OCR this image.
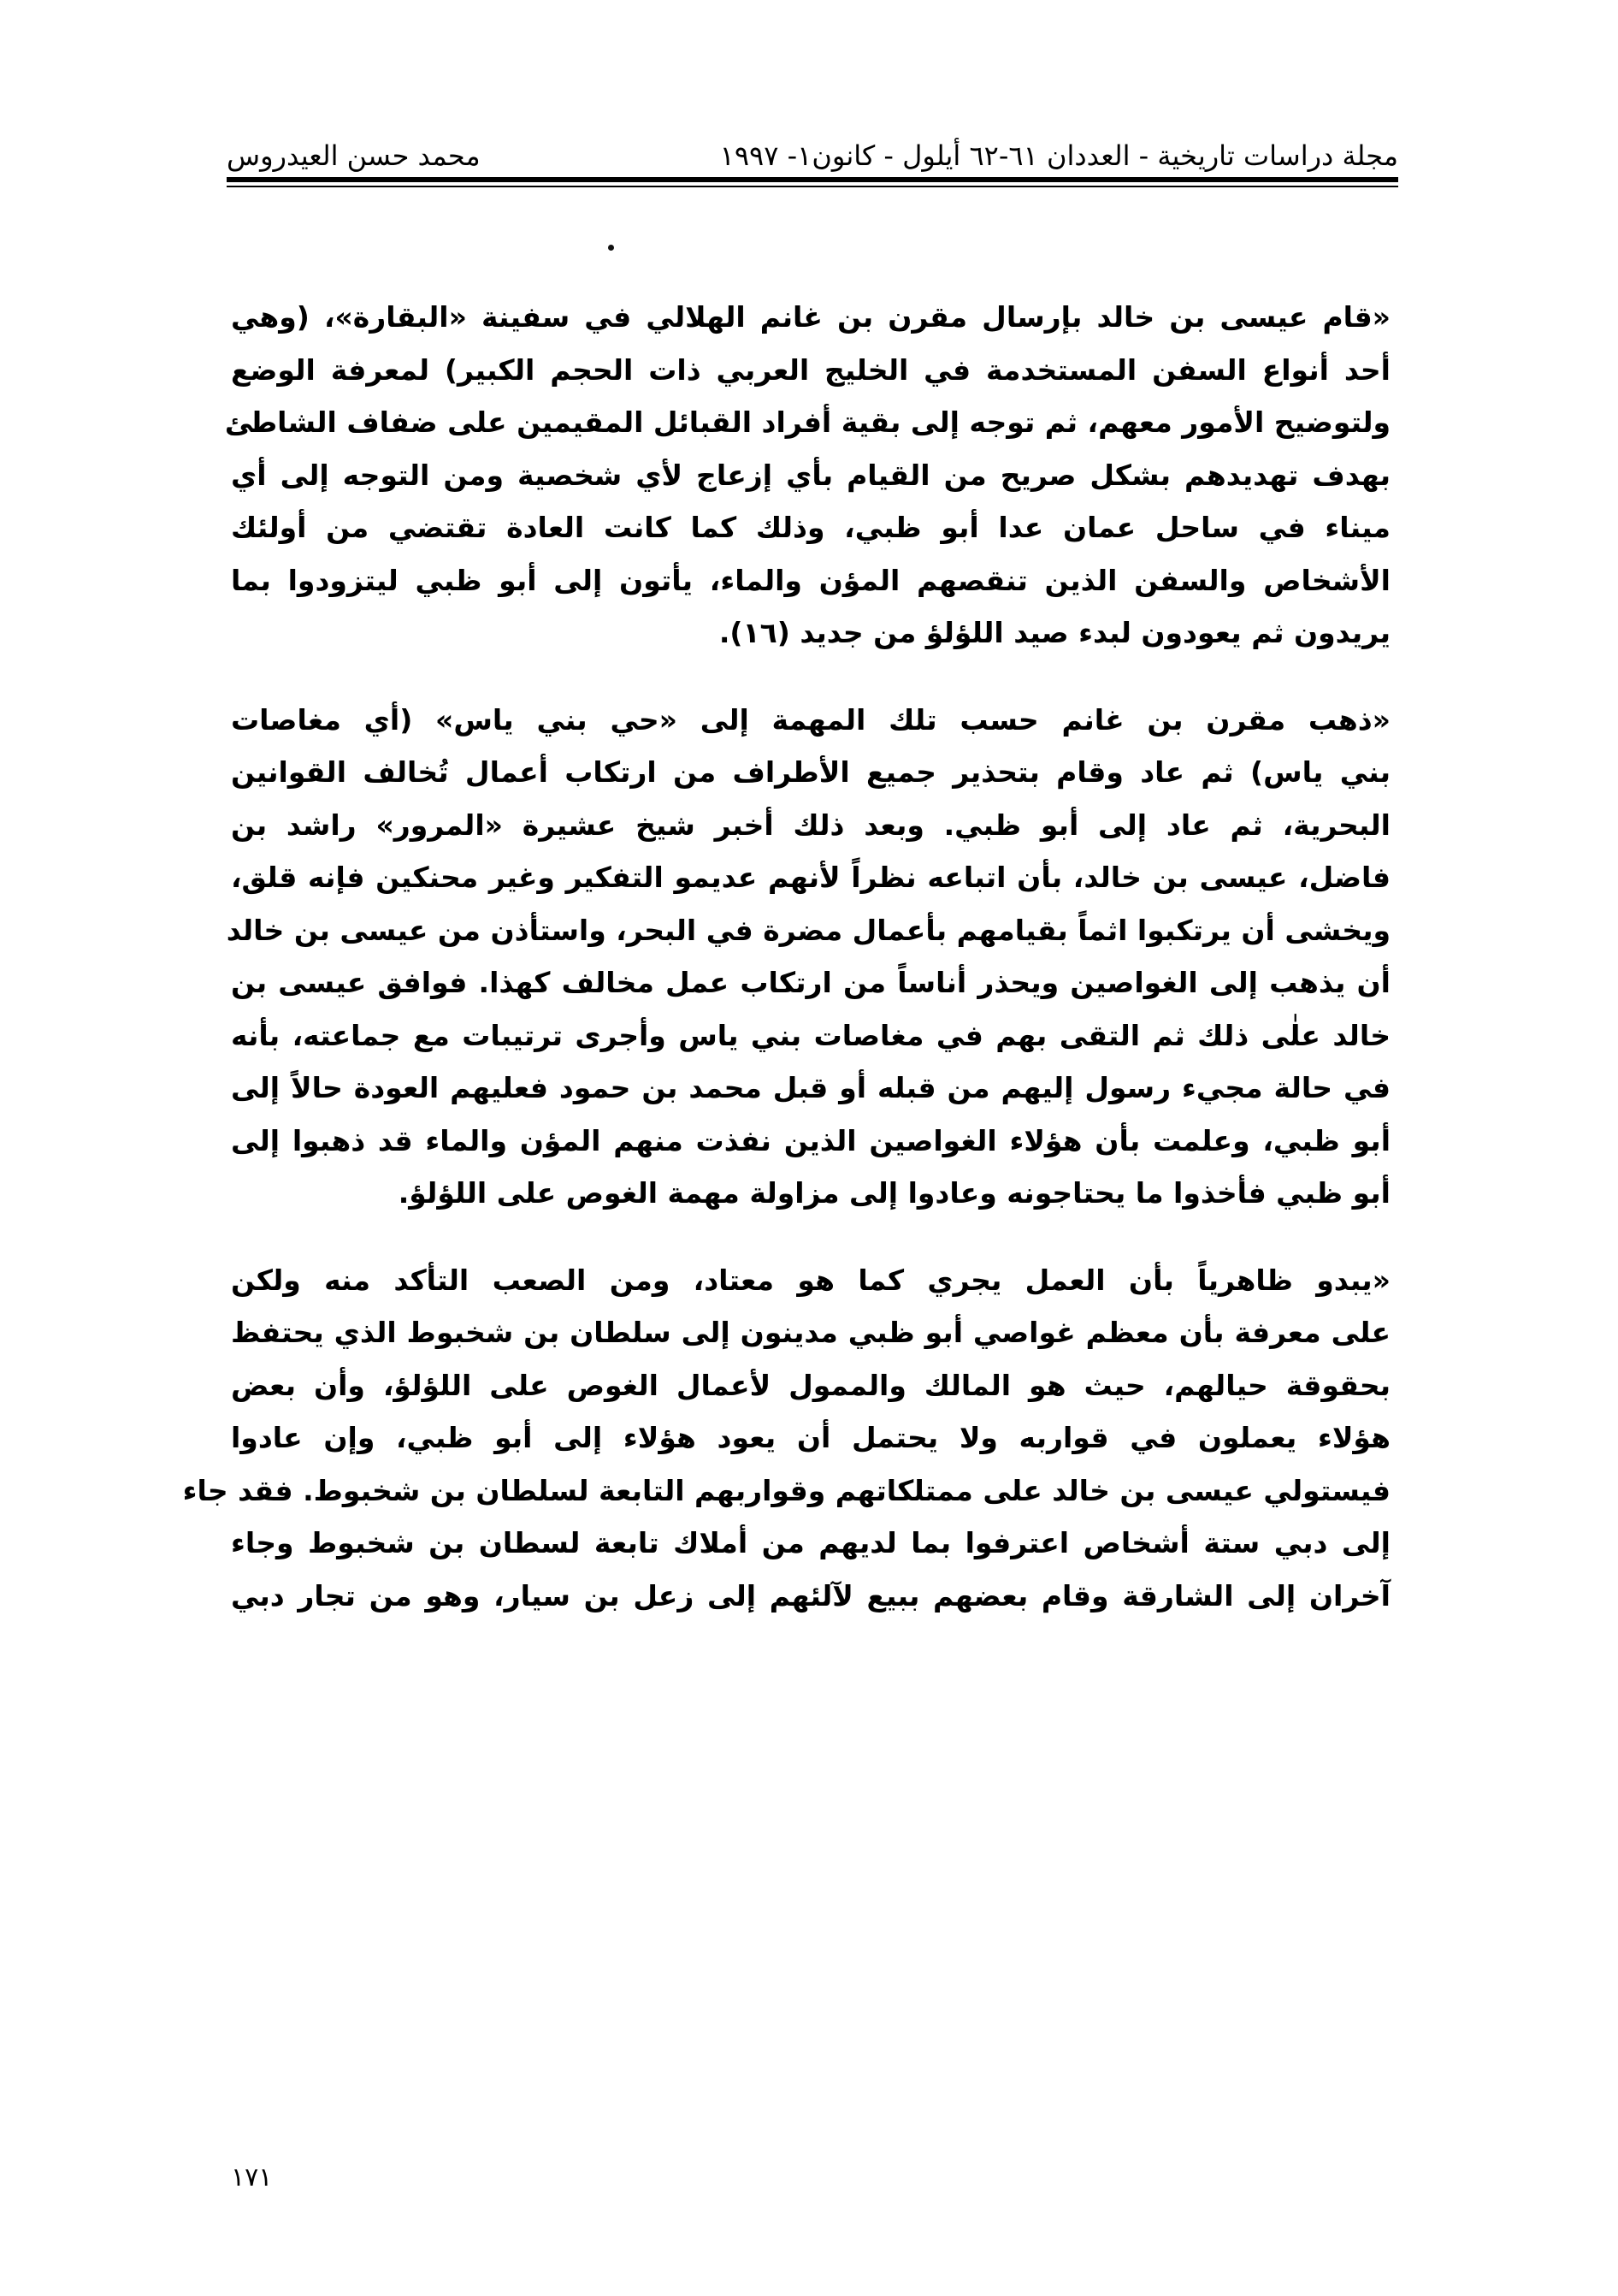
مجلة دراسات تاريخية - العددان ٦١-٦٢ أيلول - كانون١- ١٩٩٧
محمد حسن العيدروس
«قام عيسى بن خالد بإرسال مقرن بن غانم الهلالي في سفينة «البقارة»، (وهي
أحد أنواع السفن المستخدمة في الخليج العربي ذات الحجم الكبير) لمعرفة الوضع
ولتوضيح الأمور معهم، ثم توجه إلى بقية أفراد القبائل المقيمين على ضفاف الشاطئ
بهدف تهديدهم بشكل صريح من القيام بأي إزعاج لأي شخصية ومن التوجه إلى أي
ميناء في ساحل عمان عدا أبو ظبي، وذلك كما كانت العادة تقتضي من أولئك
الأشخاص والسفن الذين تنقصهم المؤن والماء، يأتون إلى أبو ظبي ليتزودوا بما
يريدون ثم يعودون لبدء صيد اللؤلؤ من جديد (١٦).
«ذهب مقرن بن غانم حسب تلك المهمة إلى «حي بني ياس» (أي مغاصات
بني ياس) ثم عاد وقام بتحذير جميع الأطراف من ارتكاب أعمال تُخالف القوانين
البحرية، ثم عاد إلى أبو ظبي. وبعد ذلك أخبر شيخ عشيرة «المرور» راشد بن
فاضل، عيسى بن خالد، بأن اتباعه نظراً لأنهم عديمو التفكير وغير محنكين فإنه قلق،
ويخشى أن يرتكبوا اثماً بقيامهم بأعمال مضرة في البحر، واستأذن من عيسى بن خالد
أن يذهب إلى الغواصين ويحذر أناساً من ارتكاب عمل مخالف كهذا. فوافق عيسى بن
خالد علٰى ذلك ثم التقى بهم في مغاصات بني ياس وأجرى ترتيبات مع جماعته، بأنه
في حالة مجيء رسول إليهم من قبله أو قبل محمد بن حمود فعليهم العودة حالاً إلى
أبو ظبي، وعلمت بأن هؤلاء الغواصين الذين نفذت منهم المؤن والماء قد ذهبوا إلى
أبو ظبي فأخذوا ما يحتاجونه وعادوا إلى مزاولة مهمة الغوص على اللؤلؤ.
«يبدو ظاهرياً بأن العمل يجري كما هو معتاد، ومن الصعب التأكد منه ولكن
على معرفة بأن معظم غواصي أبو ظبي مدينون إلى سلطان بن شخبوط الذي يحتفظ
بحقوقة حيالهم، حيث هو المالك والممول لأعمال الغوص على اللؤلؤ، وأن بعض
هؤلاء يعملون في قواربه ولا يحتمل أن يعود هؤلاء إلى أبو ظبي، وإن عادوا
فيستولي عيسى بن خالد على ممتلكاتهم وقواربهم التابعة لسلطان بن شخبوط. فقد جاء
إلى دبي ستة أشخاص اعترفوا بما لديهم من أملاك تابعة لسطان بن شخبوط وجاء
آخران إلى الشارقة وقام بعضهم ببيع لآلئهم إلى زعل بن سيار، وهو من تجار دبي
١٧١
